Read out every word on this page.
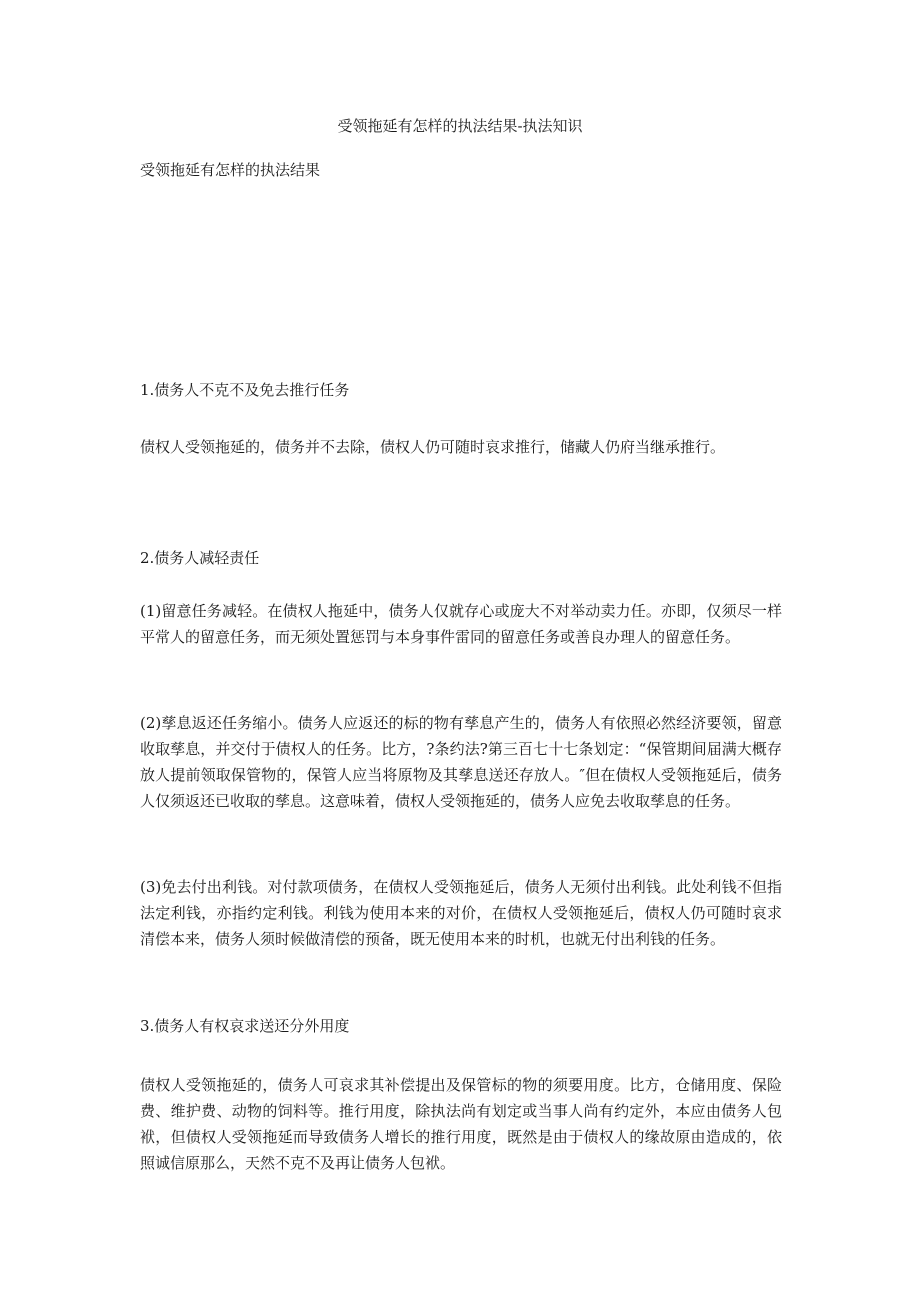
受领拖延有怎样的执法结果-执法知识

受领拖延有怎样的执法结果

1.债务人不克不及免去推行任务

债权人受领拖延的，债务并不去除，债权人仍可随时哀求推行，储藏人仍府当继承推行。

2.债务人减轻责任

(1)留意任务减轻。在债权人拖延中，债务人仅就存心或庞大不对举动卖力任。亦即，仅须尽一样平常人的留意任务，而无须处置惩罚与本身事件雷同的留意任务或善良办理人的留意任务。

(2)孳息返还任务缩小。债务人应返还的标的物有孳息产生的，债务人有依照必然经济要领，留意收取孳息，并交付于债权人的任务。比方，?条约法?第三百七十七条划定：“保管期间届满大概存放人提前领取保管物的，保管人应当将原物及其孳息送还存放人。″但在债权人受领拖延后，债务人仅须返还已收取的孳息。这意味着，债权人受领拖延的，债务人应免去收取孳息的任务。

(3)免去付出利钱。对付款项债务，在债权人受领拖延后，债务人无须付出利钱。此处利钱不但指法定利钱，亦指约定利钱。利钱为使用本来的对价，在债权人受领拖延后，债权人仍可随时哀求清偿本来，债务人须时候做清偿的预备，既无使用本来的时机，也就无付出利钱的任务。

3.债务人有权哀求送还分外用度

债权人受领拖延的，债务人可哀求其补偿提出及保管标的物的须要用度。比方，仓储用度、保险费、维护费、动物的饲料等。推行用度，除执法尚有划定或当事人尚有约定外，本应由债务人包袱，但债权人受领拖延而导致债务人增长的推行用度，既然是由于债权人的缘故原由造成的，依照诚信原那么，天然不克不及再让债务人包袱。
